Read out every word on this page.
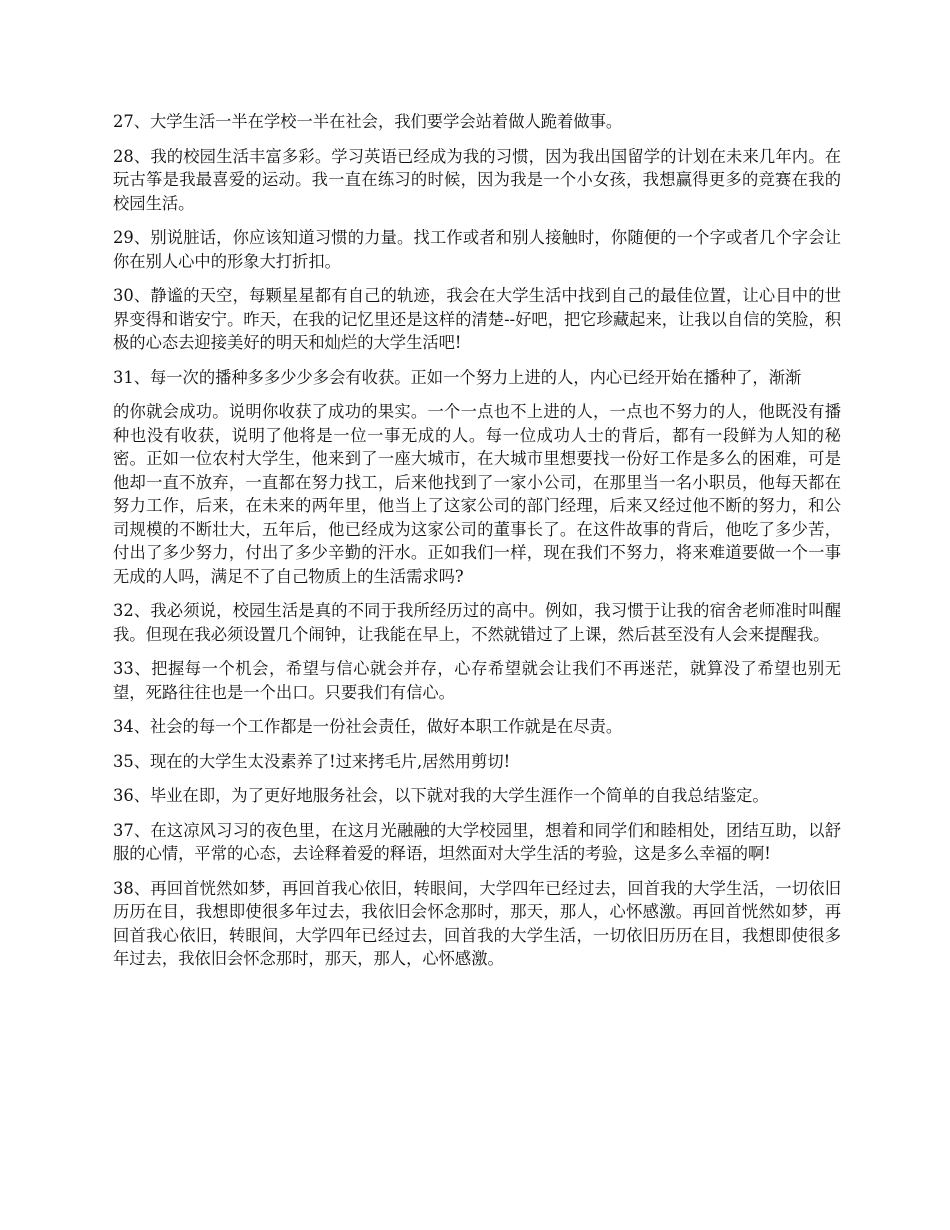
27、大学生活一半在学校一半在社会，我们要学会站着做人跪着做事。

28、我的校园生活丰富多彩。学习英语已经成为我的习惯，因为我出国留学的计划在未来几年内。在玩古筝是我最喜爱的运动。我一直在练习的时候，因为我是一个小女孩，我想赢得更多的竞赛在我的校园生活。

29、别说脏话，你应该知道习惯的力量。找工作或者和别人接触时，你随便的一个字或者几个字会让你在别人心中的形象大打折扣。

30、静谧的天空，每颗星星都有自己的轨迹，我会在大学生活中找到自己的最佳位置，让心目中的世界变得和谐安宁。昨天，在我的记忆里还是这样的清楚--好吧，把它珍藏起来，让我以自信的笑脸，积极的心态去迎接美好的明天和灿烂的大学生活吧!

31、每一次的播种多多少少多会有收获。正如一个努力上进的人，内心已经开始在播种了，渐渐

的你就会成功。说明你收获了成功的果实。一个一点也不上进的人，一点也不努力的人，他既没有播种也没有收获，说明了他将是一位一事无成的人。每一位成功人士的背后，都有一段鲜为人知的秘密。正如一位农村大学生，他来到了一座大城市，在大城市里想要找一份好工作是多么的困难，可是他却一直不放弃，一直都在努力找工，后来他找到了一家小公司，在那里当一名小职员，他每天都在努力工作，后来，在未来的两年里，他当上了这家公司的部门经理，后来又经过他不断的努力，和公司规模的不断壮大，五年后，他已经成为这家公司的董事长了。在这件故事的背后，他吃了多少苦，付出了多少努力，付出了多少辛勤的汗水。正如我们一样，现在我们不努力，将来难道要做一个一事无成的人吗，满足不了自己物质上的生活需求吗?

32、我必须说，校园生活是真的不同于我所经历过的高中。例如，我习惯于让我的宿舍老师准时叫醒我。但现在我必须设置几个闹钟，让我能在早上，不然就错过了上课，然后甚至没有人会来提醒我。

33、把握每一个机会，希望与信心就会并存，心存希望就会让我们不再迷茫，就算没了希望也别无望，死路往往也是一个出口。只要我们有信心。

34、社会的每一个工作都是一份社会责任，做好本职工作就是在尽责。

35、现在的大学生太没素养了!过来拷毛片,居然用剪切!

36、毕业在即，为了更好地服务社会，以下就对我的大学生涯作一个简单的自我总结鉴定。

37、在这凉风习习的夜色里，在这月光融融的大学校园里，想着和同学们和睦相处，团结互助，以舒服的心情，平常的心态，去诠释着爱的释语，坦然面对大学生活的考验，这是多么幸福的啊!

38、再回首恍然如梦，再回首我心依旧，转眼间，大学四年已经过去，回首我的大学生活，一切依旧历历在目，我想即使很多年过去，我依旧会怀念那时，那天，那人，心怀感激。再回首恍然如梦，再回首我心依旧，转眼间，大学四年已经过去，回首我的大学生活，一切依旧历历在目，我想即使很多年过去，我依旧会怀念那时，那天，那人，心怀感激。
